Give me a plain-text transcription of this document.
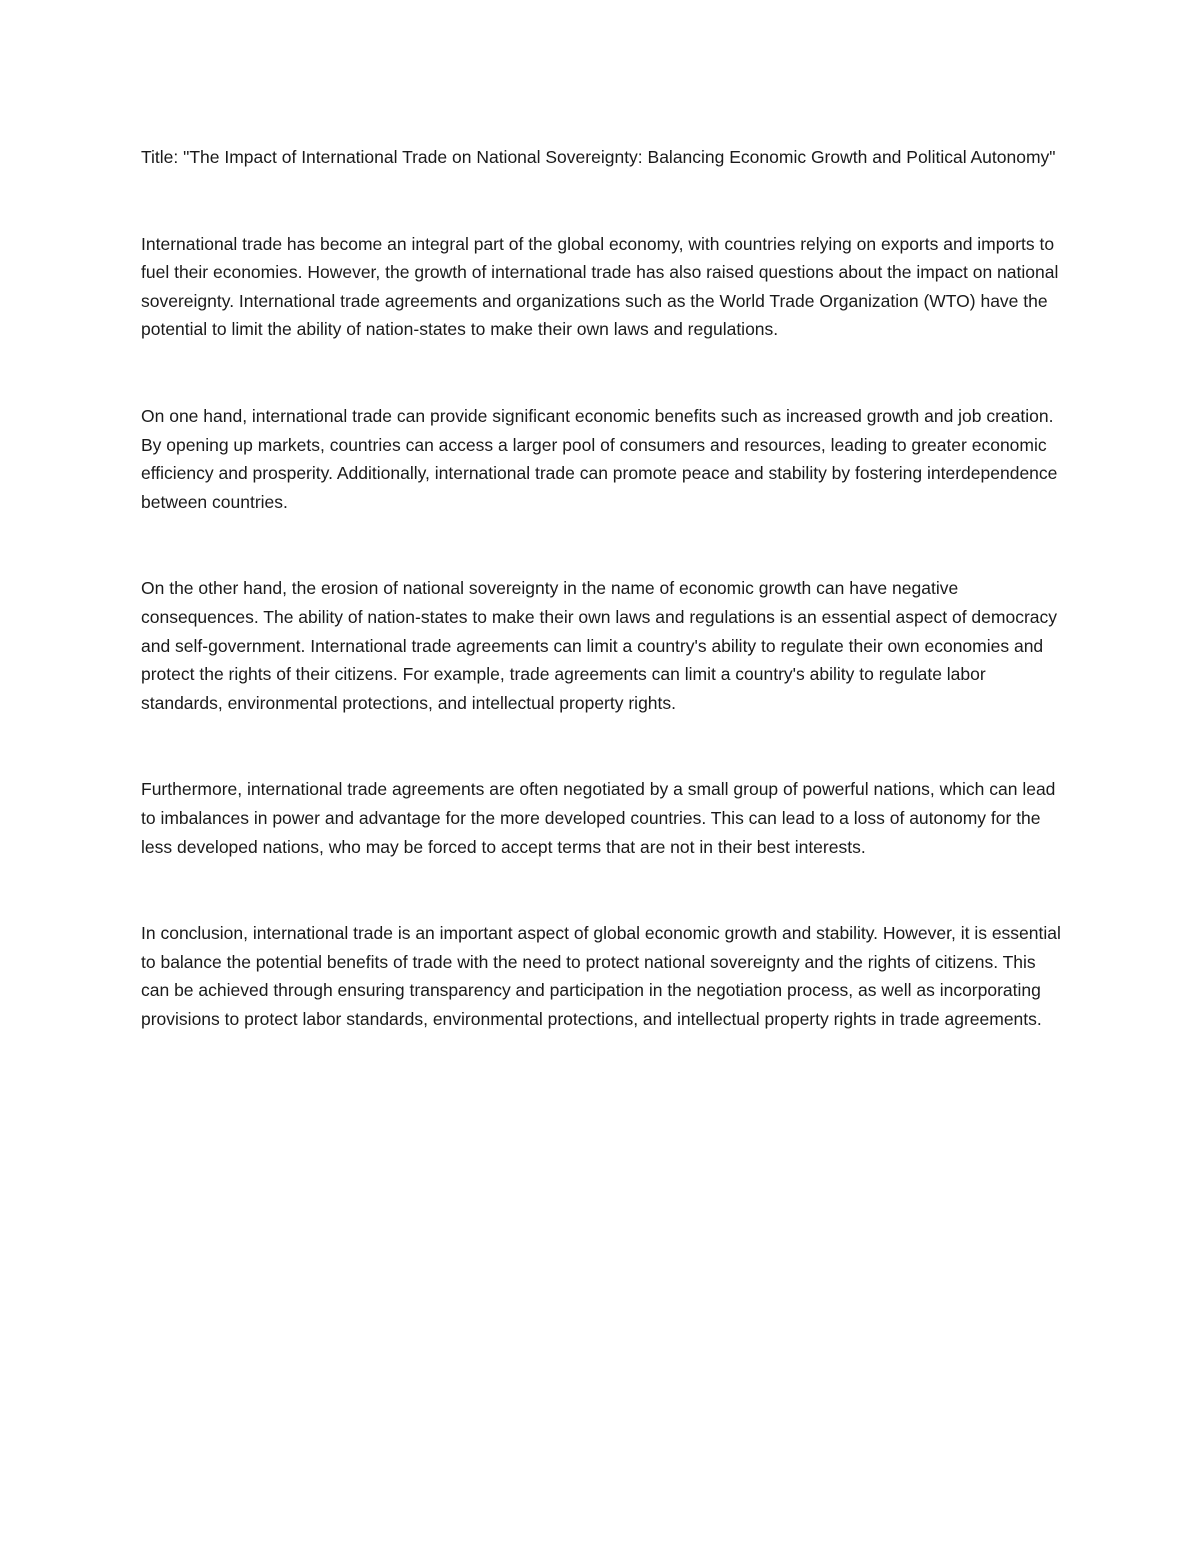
Title: "The Impact of International Trade on National Sovereignty: Balancing Economic Growth and Political Autonomy"

International trade has become an integral part of the global economy, with countries relying on exports and imports to fuel their economies. However, the growth of international trade has also raised questions about the impact on national sovereignty. International trade agreements and organizations such as the World Trade Organization (WTO) have the potential to limit the ability of nation-states to make their own laws and regulations.

On one hand, international trade can provide significant economic benefits such as increased growth and job creation. By opening up markets, countries can access a larger pool of consumers and resources, leading to greater economic efficiency and prosperity. Additionally, international trade can promote peace and stability by fostering interdependence between countries.

On the other hand, the erosion of national sovereignty in the name of economic growth can have negative consequences. The ability of nation-states to make their own laws and regulations is an essential aspect of democracy and self-government. International trade agreements can limit a country's ability to regulate their own economies and protect the rights of their citizens. For example, trade agreements can limit a country's ability to regulate labor standards, environmental protections, and intellectual property rights.

Furthermore, international trade agreements are often negotiated by a small group of powerful nations, which can lead to imbalances in power and advantage for the more developed countries. This can lead to a loss of autonomy for the less developed nations, who may be forced to accept terms that are not in their best interests.

In conclusion, international trade is an important aspect of global economic growth and stability. However, it is essential to balance the potential benefits of trade with the need to protect national sovereignty and the rights of citizens. This can be achieved through ensuring transparency and participation in the negotiation process, as well as incorporating provisions to protect labor standards, environmental protections, and intellectual property rights in trade agreements.
